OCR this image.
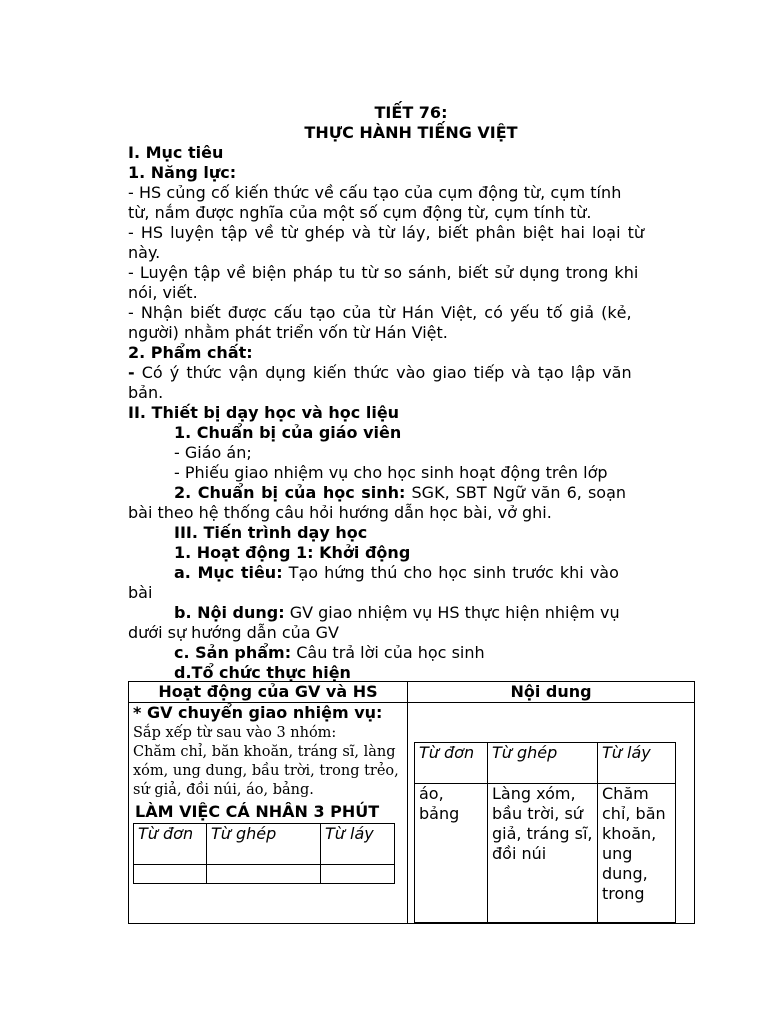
TIẾT 76:

THỰC HÀNH TIẾNG VIỆT

I. Mục tiêu

1. Năng lực:

- HS củng cố kiến thức về cấu tạo của cụm động từ, cụm tính

từ, nắm được nghĩa của một số cụm động từ, cụm tính từ.

- HS luyện tập về từ ghép và từ láy, biết phân biệt hai loại từ

này.

- Luyện tập về biện pháp tu từ so sánh, biết sử dụng trong khi

nói, viết.

- Nhận biết được cấu tạo của từ Hán Việt, có yếu tố giả (kẻ,

người) nhằm phát triển vốn từ Hán Việt.

2. Phẩm chất:

- Có ý thức vận dụng kiến thức vào giao tiếp và tạo lập văn

bản.

II. Thiết bị dạy học và học liệu

1. Chuẩn bị của giáo viên

- Giáo án;

- Phiếu giao nhiệm vụ cho học sinh hoạt động trên lớp

2. Chuẩn bị của học sinh: SGK, SBT Ngữ văn 6, soạn

bài theo hệ thống câu hỏi hướng dẫn học bài, vở ghi.

III. Tiến trình dạy học

1. Hoạt động 1: Khởi động

a. Mục tiêu: Tạo hứng thú cho học sinh trước khi vào

bài

b. Nội dung: GV giao nhiệm vụ HS thực hiện nhiệm vụ

dưới sự hướng dẫn của GV

c. Sản phẩm: Câu trả lời của học sinh

d.Tổ chức thực hiện

Hoạt động của GV và HS	Nội dung

* GV chuyển giao nhiệm vụ:
Sắp xếp từ sau vào 3 nhóm:
Chăm chỉ, băn khoăn, tráng sĩ, làng xóm, ung dung, bầu trời, trong trẻo, sứ giả, đồi núi, áo, bảng.
LÀM VIỆC CÁ NHÂN 3 PHÚT
Từ đơn	Từ ghép	Từ láy

Từ đơn	Từ ghép	Từ láy
áo, bảng	Làng xóm, bầu trời, sứ giả, tráng sĩ, đồi núi	Chăm chỉ, băn khoăn, ung dung, trong
